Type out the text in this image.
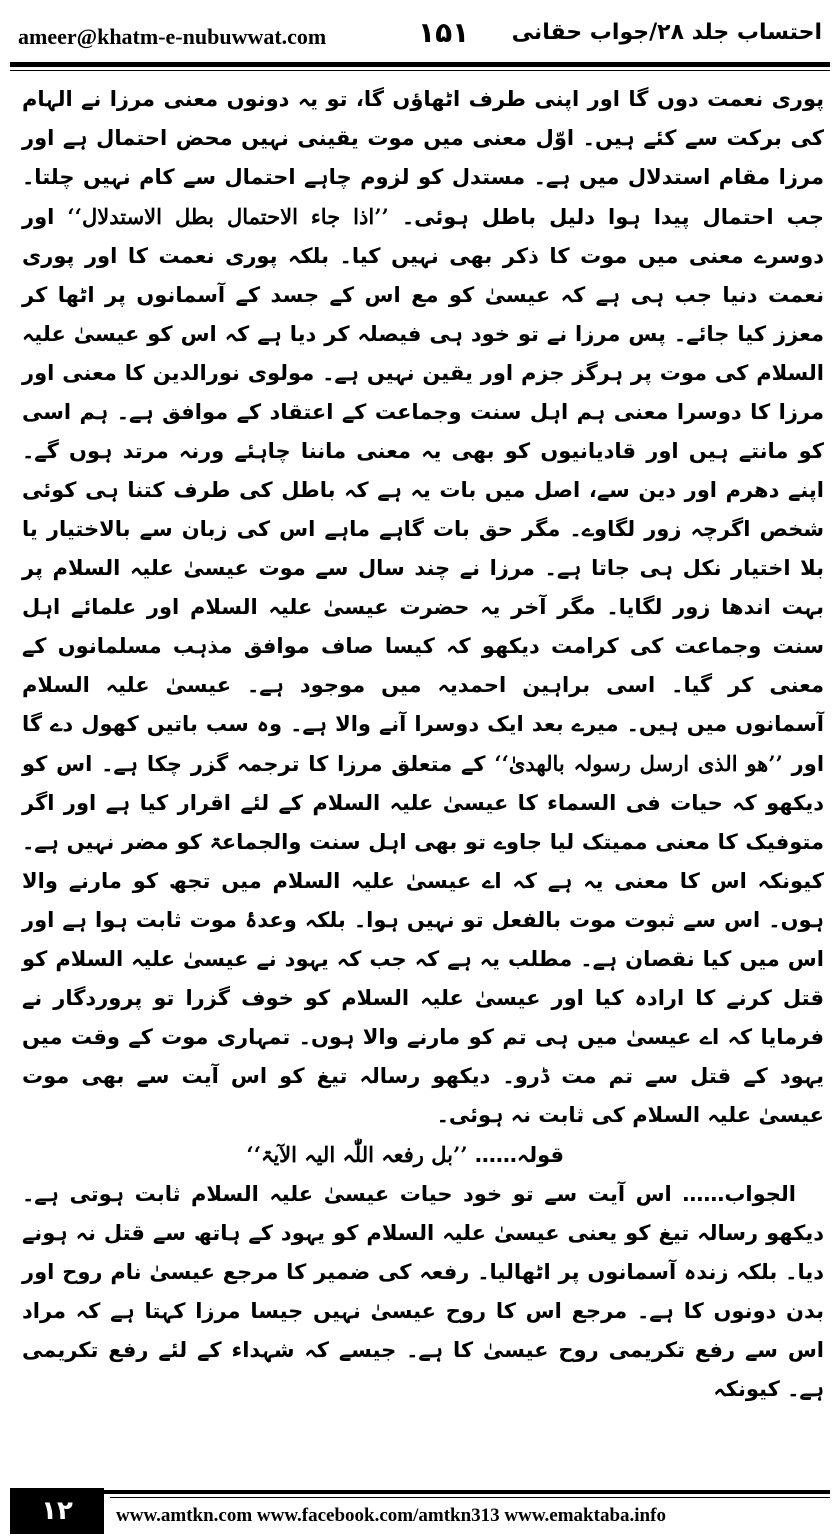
ameer@khatm-e-nubuwwat.com	۱۵۱ احتساب جلد ۲۸/جواب حقانی

پوری نعمت دوں گا اور اپنی طرف اٹھاؤں گا، تو یہ دونوں معنی مرزا نے الہام کی برکت سے کئے ہیں۔ اوّل معنی میں موت یقینی نہیں محض احتمال ہے اور مرزا مقام استدلال میں ہے۔ مستدل کو لزوم چاہے احتمال سے کام نہیں چلتا۔ جب احتمال پیدا ہوا دلیل باطل ہوئی۔ ’’اذا جاء الاحتمال بطل الاستدلال‘‘ اور دوسرے معنی میں موت کا ذکر بھی نہیں کیا۔ بلکہ پوری نعمت کا اور پوری نعمت دنیا جب ہی ہے کہ عیسیٰ کو مع اس کے جسد کے آسمانوں پر اٹھا کر معزز کیا جائے۔ پس مرزا نے تو خود ہی فیصلہ کر دیا ہے کہ اس کو عیسیٰ علیہ السلام کی موت پر ہرگز جزم اور یقین نہیں ہے۔ مولوی نورالدین کا معنی اور مرزا کا دوسرا معنی ہم اہل سنت وجماعت کے اعتقاد کے موافق ہے۔ ہم اسی کو مانتے ہیں اور قادیانیوں کو بھی یہ معنی ماننا چاہئے ورنہ مرتد ہوں گے۔ اپنے دھرم اور دین سے، اصل میں بات یہ ہے کہ باطل کی طرف کتنا ہی کوئی شخص اگرچہ زور لگاوے۔ مگر حق بات گاہے ماہے اس کی زبان سے بالاختیار یا بلا اختیار نکل ہی جاتا ہے۔ مرزا نے چند سال سے موت عیسیٰ علیہ السلام پر بہت اندھا زور لگایا۔ مگر آخر یہ حضرت عیسیٰ علیہ السلام اور علمائے اہل سنت وجماعت کی کرامت دیکھو کہ کیسا صاف موافق مذہب مسلمانوں کے معنی کر گیا۔ اسی براہین احمدیہ میں موجود ہے۔ عیسیٰ علیہ السلام آسمانوں میں ہیں۔ میرے بعد ایک دوسرا آنے والا ہے۔ وہ سب باتیں کھول دے گا اور ’’ھو الذی ارسل رسولہ بالھدیٰ‘‘ کے متعلق مرزا کا ترجمہ گزر چکا ہے۔ اس کو دیکھو کہ حیات فی السماء کا عیسیٰ علیہ السلام کے لئے اقرار کیا ہے اور اگر متوفیک کا معنی ممیتک لیا جاوے تو بھی اہل سنت والجماعۃ کو مضر نہیں ہے۔ کیونکہ اس کا معنی یہ ہے کہ اے عیسیٰ علیہ السلام میں تجھ کو مارنے والا ہوں۔ اس سے ثبوت موت بالفعل تو نہیں ہوا۔ بلکہ وعدۂ موت ثابت ہوا ہے اور اس میں کیا نقصان ہے۔ مطلب یہ ہے کہ جب کہ یہود نے عیسیٰ علیہ السلام کو قتل کرنے کا ارادہ کیا اور عیسیٰ علیہ السلام کو خوف گزرا تو پروردگار نے فرمایا کہ اے عیسیٰ میں ہی تم کو مارنے والا ہوں۔ تمہاری موت کے وقت میں یہود کے قتل سے تم مت ڈرو۔ دیکھو رسالہ تیغ کو اس آیت سے بھی موت عیسیٰ علیہ السلام کی ثابت نہ ہوئی۔

قولہ…… ’’بل رفعہ اللّٰہ الیہ الآیۃ‘‘

الجواب…… اس آیت سے تو خود حیات عیسیٰ علیہ السلام ثابت ہوتی ہے۔ دیکھو رسالہ تیغ کو یعنی عیسیٰ علیہ السلام کو یہود کے ہاتھ سے قتل نہ ہونے دیا۔ بلکہ زندہ آسمانوں پر اٹھالیا۔ رفعہ کی ضمیر کا مرجع عیسیٰ نام روح اور بدن دونوں کا ہے۔ مرجع اس کا روح عیسیٰ نہیں جیسا مرزا کہتا ہے کہ مراد اس سے رفع تکریمی روح عیسیٰ کا ہے۔ جیسے کہ شہداء کے لئے رفع تکریمی ہے۔ کیونکہ

۱۲	www.amtkn.com www.facebook.com/amtkn313 www.emaktaba.info
